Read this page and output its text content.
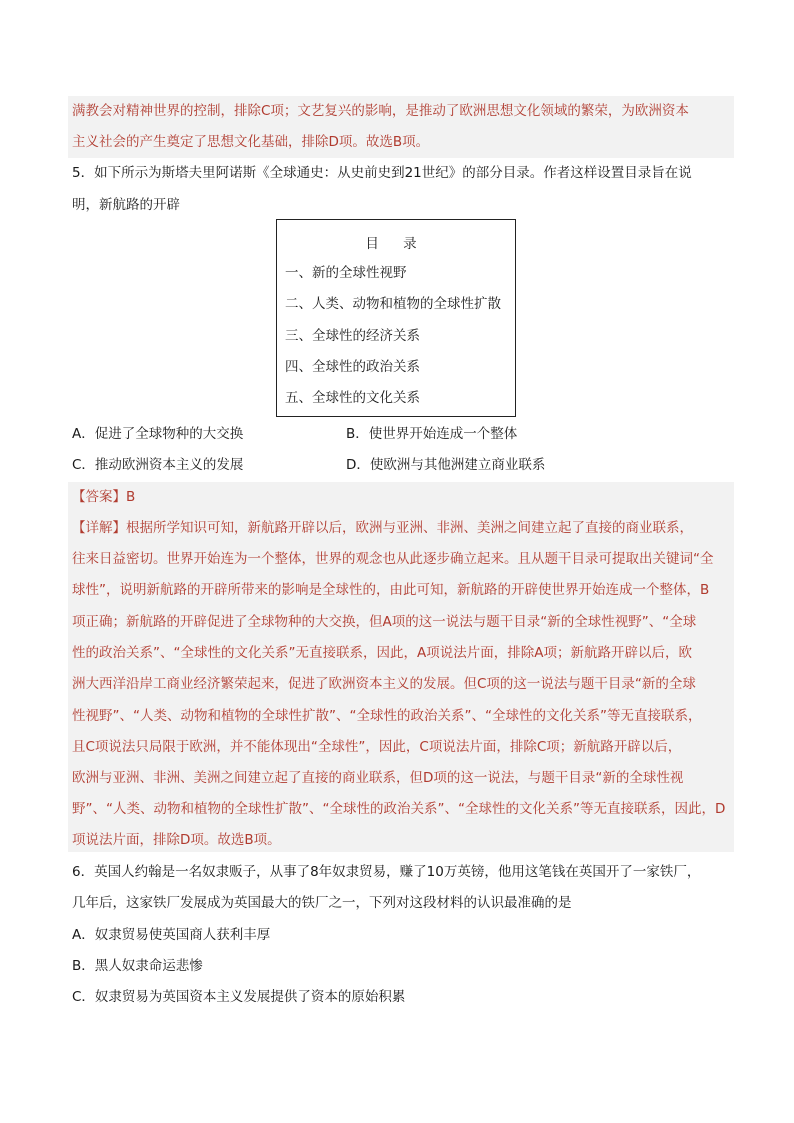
满教会对精神世界的控制，排除C项；文艺复兴的影响，是推动了欧洲思想文化领域的繁荣，为欧洲资本
主义社会的产生奠定了思想文化基础，排除D项。故选B项。
5．如下所示为斯塔夫里阿诺斯《全球通史：从史前史到21世纪》的部分目录。作者这样设置目录旨在说
明，新航路的开辟
目 录
一、新的全球性视野
二、人类、动物和植物的全球性扩散
三、全球性的经济关系
四、全球性的政治关系
五、全球性的文化关系
A．促进了全球物种的大交换	B．使世界开始连成一个整体
C．推动欧洲资本主义的发展	D．使欧洲与其他洲建立商业联系
【答案】B
【详解】根据所学知识可知，新航路开辟以后，欧洲与亚洲、非洲、美洲之间建立起了直接的商业联系，
往来日益密切。世界开始连为一个整体，世界的观念也从此逐步确立起来。且从题干目录可提取出关键词“全
球性”，说明新航路的开辟所带来的影响是全球性的，由此可知，新航路的开辟使世界开始连成一个整体，B
项正确；新航路的开辟促进了全球物种的大交换，但A项的这一说法与题干目录“新的全球性视野”、“全球
性的政治关系”、“全球性的文化关系”无直接联系，因此，A项说法片面，排除A项；新航路开辟以后，欧
洲大西洋沿岸工商业经济繁荣起来，促进了欧洲资本主义的发展。但C项的这一说法与题干目录“新的全球
性视野”、“人类、动物和植物的全球性扩散”、“全球性的政治关系”、“全球性的文化关系”等无直接联系，
且C项说法只局限于欧洲，并不能体现出“全球性”，因此，C项说法片面，排除C项；新航路开辟以后，
欧洲与亚洲、非洲、美洲之间建立起了直接的商业联系，但D项的这一说法，与题干目录“新的全球性视
野”、“人类、动物和植物的全球性扩散”、“全球性的政治关系”、“全球性的文化关系”等无直接联系，因此，D
项说法片面，排除D项。故选B项。
6．英国人约翰是一名奴隶贩子，从事了8年奴隶贸易，赚了10万英镑，他用这笔钱在英国开了一家铁厂，
几年后，这家铁厂发展成为英国最大的铁厂之一，下列对这段材料的认识最准确的是
A．奴隶贸易使英国商人获利丰厚
B．黑人奴隶命运悲惨
C．奴隶贸易为英国资本主义发展提供了资本的原始积累
